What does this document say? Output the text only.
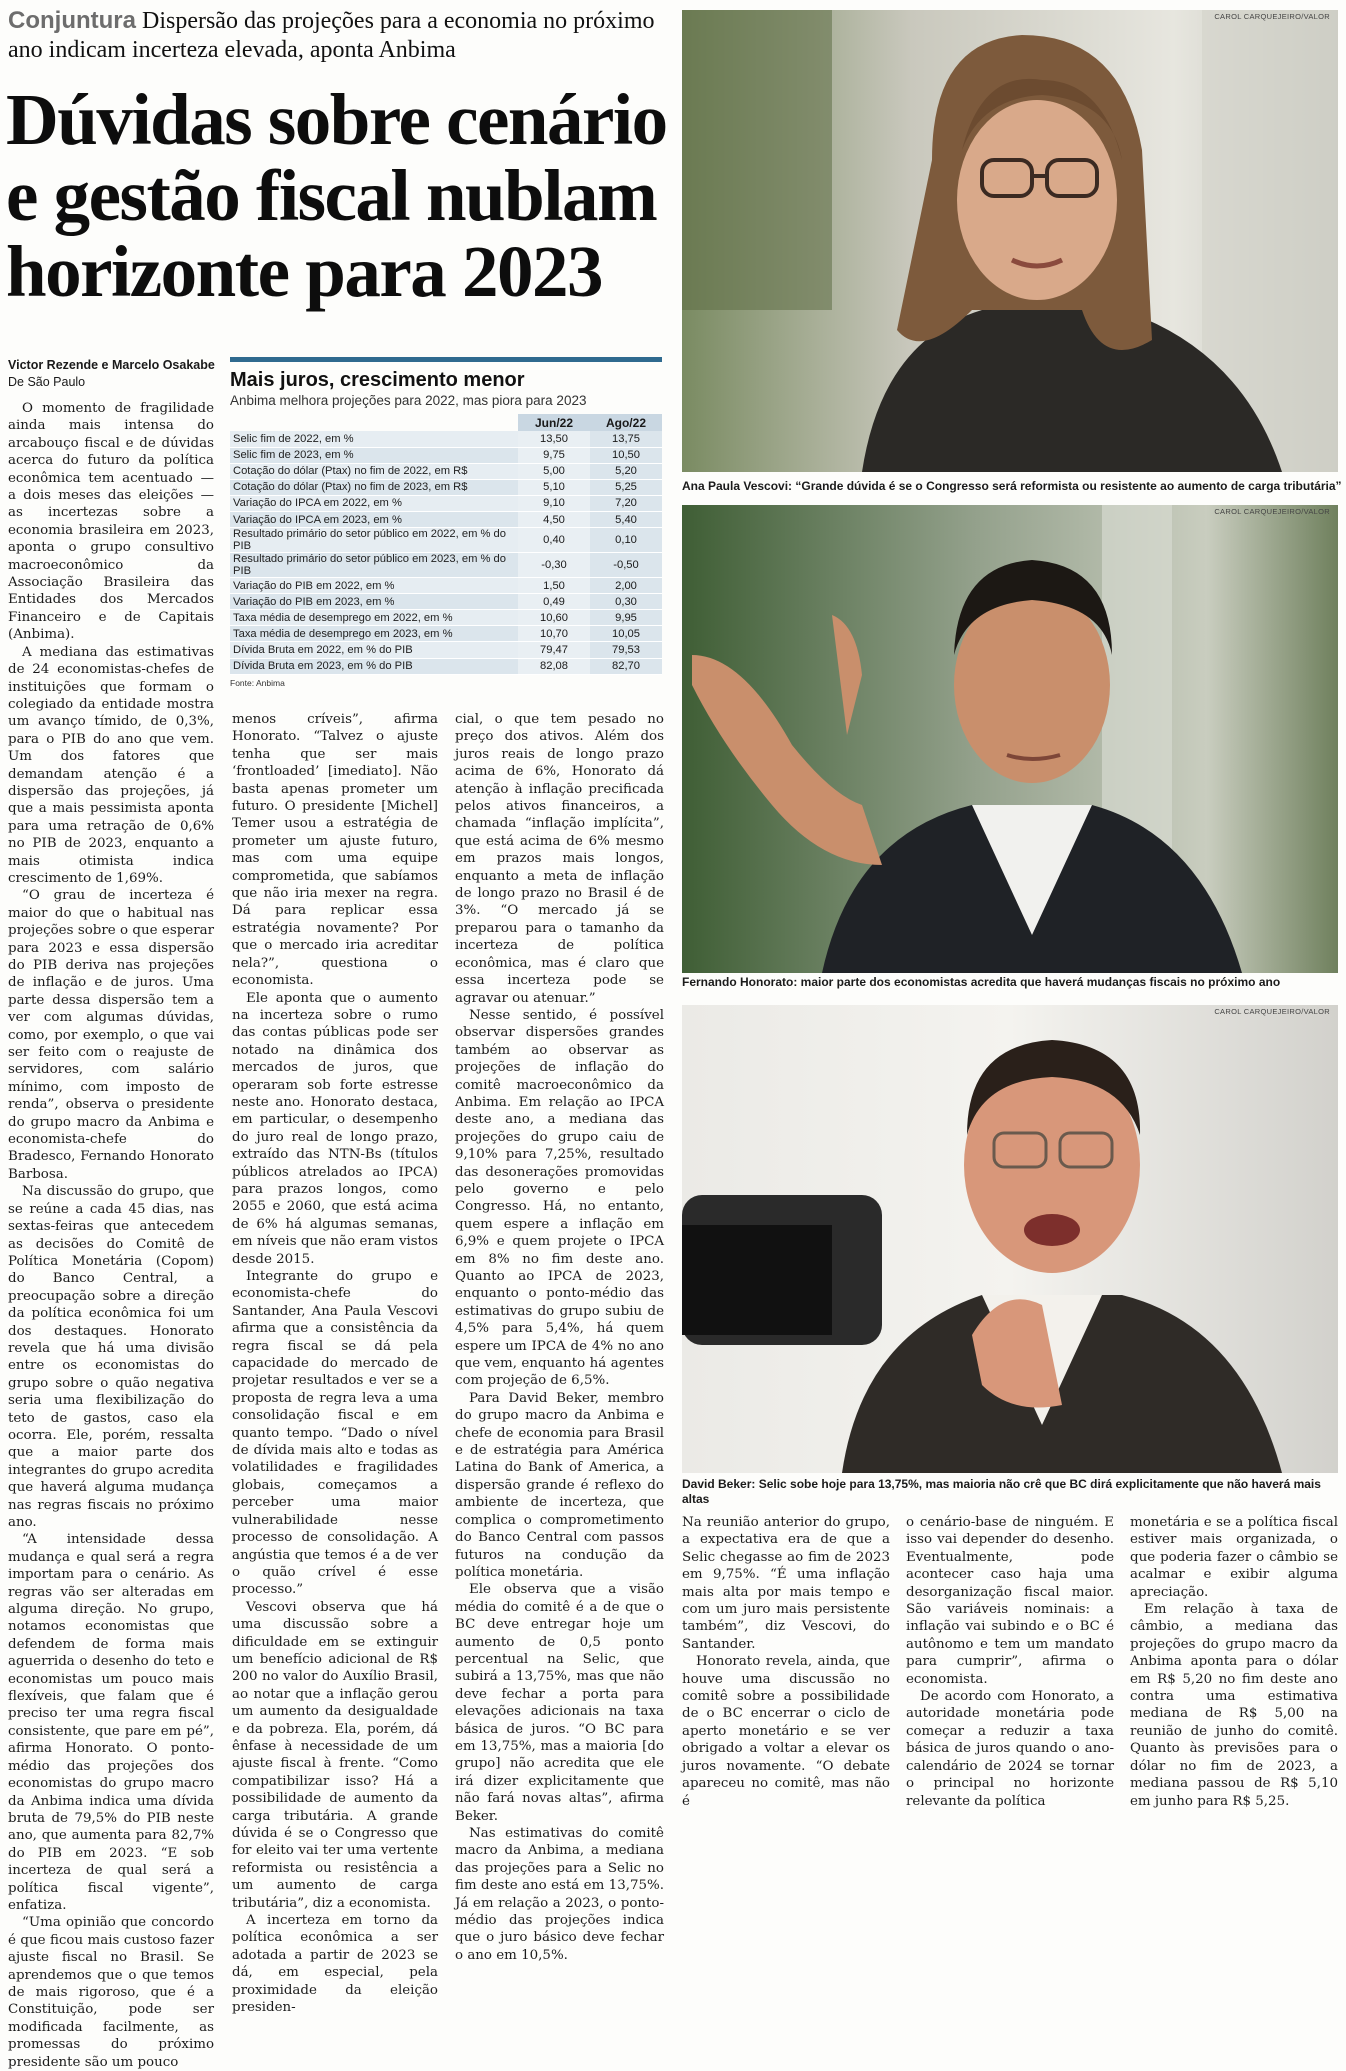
Conjuntura Dispersão das projeções para a economia no próximo ano indicam incerteza elevada, aponta Anbima
Dúvidas sobre cenário e gestão fiscal nublam horizonte para 2023
Victor Rezende e Marcelo Osakabe
De São Paulo	Mais juros, crescimento menor
Anbima melhora projeções para 2022, mas piora para 2023
	Jun/22	Ago/22
Selic fim de 2022, em %	13,50	13,75
Selic fim de 2023, em %	9,75	10,50
Cotação do dólar (Ptax) no fim de 2022, em R$	5,00	5,20
Cotação do dólar (Ptax) no fim de 2023, em R$	5,10	5,25
Variação do IPCA em 2022, em %	9,10	7,20
Variação do IPCA em 2023, em %	4,50	5,40
Resultado primário do setor público em 2022, em % do PIB	0,40	0,10
Resultado primário do setor público em 2023, em % do PIB	-0,30	-0,50
Variação do PIB em 2022, em %	1,50	2,00
Variação do PIB em 2023, em %	0,49	0,30
Taxa média de desemprego em 2022, em %	10,60	9,95
Taxa média de desemprego em 2023, em %	10,70	10,05
Dívida Bruta em 2022, em % do PIB	79,47	79,53
Dívida Bruta em 2023, em % do PIB	82,08	82,70
Fonte: Anbima

O momento de fragilidade ainda mais intensa do arcabouço fiscal e de dúvidas acerca do futuro da política econômica tem acentuado — a dois meses das eleições — as incertezas sobre a economia brasileira em 2023, aponta o grupo consultivo macroeconômico da Associação Brasileira das Entidades dos Mercados Financeiro e de Capitais (Anbima).

A mediana das estimativas de 24 economistas-chefes de instituições que formam o colegiado da entidade mostra um avanço tímido, de 0,3%, para o PIB do ano que vem. Um dos fatores que demandam atenção é a dispersão das projeções, já que a mais pessimista aponta para uma retração de 0,6% no PIB de 2023, enquanto a mais otimista indica crescimento de 1,69%.

“O grau de incerteza é maior do que o habitual nas projeções sobre o que esperar para 2023 e essa dispersão do PIB deriva nas projeções de inflação e de juros. Uma parte dessa dispersão tem a ver com algumas dúvidas, como, por exemplo, o que vai ser feito com o reajuste de servidores, com salário mínimo, com imposto de renda”, observa o presidente do grupo macro da Anbima e economista-chefe do Bradesco, Fernando Honorato Barbosa.

Na discussão do grupo, que se reúne a cada 45 dias, nas sextas-feiras que antecedem as decisões do Comitê de Política Monetária (Copom) do Banco Central, a preocupação sobre a direção da política econômica foi um dos destaques. Honorato revela que há uma divisão entre os economistas do grupo sobre o quão negativa seria uma flexibilização do teto de gastos, caso ela ocorra. Ele, porém, ressalta que a maior parte dos integrantes do grupo acredita que haverá alguma mudança nas regras fiscais no próximo ano.

“A intensidade dessa mudança e qual será a regra importam para o cenário. As regras vão ser alteradas em alguma direção. No grupo, notamos economistas que defendem de forma mais aguerrida o desenho do teto e economistas um pouco mais flexíveis, que falam que é preciso ter uma regra fiscal consistente, que pare em pé”, afirma Honorato. O ponto-médio das projeções dos economistas do grupo macro da Anbima indica uma dívida bruta de 79,5% do PIB neste ano, que aumenta para 82,7% do PIB em 2023. “E sob incerteza de qual será a política fiscal vigente”, enfatiza.

“Uma opinião que concordo é que ficou mais custoso fazer ajuste fiscal no Brasil. Se aprendemos que o que temos de mais rigoroso, que é a Constituição, pode ser modificada facilmente, as promessas do próximo presidente são um pouco

menos críveis”, afirma Honorato. “Talvez o ajuste tenha que ser mais ‘frontloaded’ [imediato]. Não basta apenas prometer um futuro. O presidente [Michel] Temer usou a estratégia de prometer um ajuste futuro, mas com uma equipe comprometida, que sabíamos que não iria mexer na regra. Dá para replicar essa estratégia novamente? Por que o mercado iria acreditar nela?”, questiona o economista.

Ele aponta que o aumento na incerteza sobre o rumo das contas públicas pode ser notado na dinâmica dos mercados de juros, que operaram sob forte estresse neste ano. Honorato destaca, em particular, o desempenho do juro real de longo prazo, extraído das NTN-Bs (títulos públicos atrelados ao IPCA) para prazos longos, como 2055 e 2060, que está acima de 6% há algumas semanas, em níveis que não eram vistos desde 2015.

Integrante do grupo e economista-chefe do Santander, Ana Paula Vescovi afirma que a consistência da regra fiscal se dá pela capacidade do mercado de projetar resultados e ver se a proposta de regra leva a uma consolidação fiscal e em quanto tempo. “Dado o nível de dívida mais alto e todas as volatilidades e fragilidades globais, começamos a perceber uma maior vulnerabilidade nesse processo de consolidação. A angústia que temos é a de ver o quão crível é esse processo.”

Vescovi observa que há uma discussão sobre a dificuldade em se extinguir um benefício adicional de R$ 200 no valor do Auxílio Brasil, ao notar que a inflação gerou um aumento da desigualdade e da pobreza. Ela, porém, dá ênfase à necessidade de um ajuste fiscal à frente. “Como compatibilizar isso? Há a possibilidade de aumento da carga tributária. A grande dúvida é se o Congresso que for eleito vai ter uma vertente reformista ou resistência a um aumento de carga tributária”, diz a economista.

A incerteza em torno da política econômica a ser adotada a partir de 2023 se dá, em especial, pela proximidade da eleição presiden-

cial, o que tem pesado no preço dos ativos. Além dos juros reais de longo prazo acima de 6%, Honorato dá atenção à inflação precificada pelos ativos financeiros, a chamada “inflação implícita”, que está acima de 6% mesmo em prazos mais longos, enquanto a meta de inflação de longo prazo no Brasil é de 3%. “O mercado já se preparou para o tamanho da incerteza de política econômica, mas é claro que essa incerteza pode se agravar ou atenuar.”

Nesse sentido, é possível observar dispersões grandes também ao observar as projeções de inflação do comitê macroeconômico da Anbima. Em relação ao IPCA deste ano, a mediana das projeções do grupo caiu de 9,10% para 7,25%, resultado das desonerações promovidas pelo governo e pelo Congresso. Há, no entanto, quem espere a inflação em 6,9% e quem projete o IPCA em 8% no fim deste ano. Quanto ao IPCA de 2023, enquanto o ponto-médio das estimativas do grupo subiu de 4,5% para 5,4%, há quem espere um IPCA de 4% no ano que vem, enquanto há agentes com projeção de 6,5%.

Para David Beker, membro do grupo macro da Anbima e chefe de economia para Brasil e de estratégia para América Latina do Bank of America, a dispersão grande é reflexo do ambiente de incerteza, que complica o comprometimento do Banco Central com passos futuros na condução da política monetária.

Ele observa que a visão média do comitê é a de que o BC deve entregar hoje um aumento de 0,5 ponto percentual na Selic, que subirá a 13,75%, mas que não deve fechar a porta para elevações adicionais na taxa básica de juros. “O BC para em 13,75%, mas a maioria [do grupo] não acredita que ele irá dizer explicitamente que não fará novas altas”, afirma Beker.

Nas estimativas do comitê macro da Anbima, a mediana das projeções para a Selic no fim deste ano está em 13,75%. Já em relação a 2023, o ponto-médio das projeções indica que o juro básico deve fechar o ano em 10,5%.

Na reunião anterior do grupo, a expectativa era de que a Selic chegasse ao fim de 2023 em 9,75%. “É uma inflação mais alta por mais tempo e com um juro mais persistente também”, diz Vescovi, do Santander.

Honorato revela, ainda, que houve uma discussão no comitê sobre a possibilidade de o BC encerrar o ciclo de aperto monetário e se ver obrigado a voltar a elevar os juros novamente. “O debate apareceu no comitê, mas não é

o cenário-base de ninguém. E isso vai depender do desenho. Eventualmente, pode acontecer caso haja uma desorganização fiscal maior. São variáveis nominais: a inflação vai subindo e o BC é autônomo e tem um mandato para cumprir”, afirma o economista.

De acordo com Honorato, a autoridade monetária pode começar a reduzir a taxa básica de juros quando o ano-calendário de 2024 se tornar o principal no horizonte relevante da política

monetária e se a política fiscal estiver mais organizada, o que poderia fazer o câmbio se acalmar e exibir alguma apreciação.

Em relação à taxa de câmbio, a mediana das projeções do grupo macro da Anbima aponta para o dólar em R$ 5,20 no fim deste ano contra uma estimativa mediana de R$ 5,00 na reunião de junho do comitê. Quanto às previsões para o dólar no fim de 2023, a mediana passou de R$ 5,10 em junho para R$ 5,25.

CAROL CARQUEJEIRO/VALOR
Ana Paula Vescovi: “Grande dúvida é se o Congresso será reformista ou resistente ao aumento de carga tributária”
CAROL CARQUEJEIRO/VALOR
Fernando Honorato: maior parte dos economistas acredita que haverá mudanças fiscais no próximo ano
CAROL CARQUEJEIRO/VALOR
David Beker: Selic sobe hoje para 13,75%, mas maioria não crê que BC dirá explicitamente que não haverá mais altas
